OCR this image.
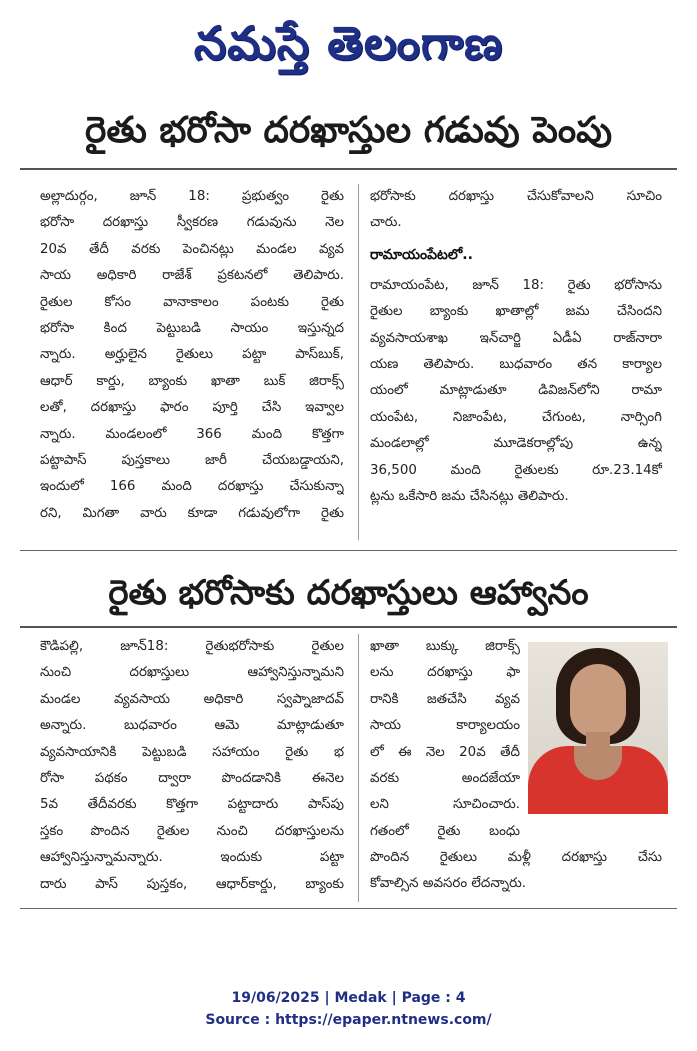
నమస్తే తెలంగాణ
రైతు భరోసా దరఖాస్తుల గడువు పెంపు
అల్లాదుర్గం, జూన్ 18: ప్రభుత్వం రైతు
భరోసా దరఖాస్తు స్వీకరణ గడువును నెల
20వ తేదీ వరకు పెంచినట్లు మండల వ్యవ
సాయ అధికారి రాజేశ్ ప్రకటనలో తెలిపారు.
రైతుల కోసం వానాకాలం పంటకు రైతు
భరోసా కింద పెట్టుబడి సాయం ఇస్తున్నద
న్నారు. అర్హులైన రైతులు పట్టా పాస్‌బుక్,
ఆధార్ కార్డు, బ్యాంకు ఖాతా బుక్ జిరాక్స్
లతో, దరఖాస్తు ఫారం పూర్తి చేసి ఇవ్వాల
న్నారు. మండలంలో 366 మంది కొత్తగా
పట్టాపాస్ పుస్తకాలు జారీ చేయబడ్డాయని,
ఇందులో 166 మంది దరఖాస్తు చేసుకున్నా
రని, మిగతా వారు కూడా గడువులోగా రైతు
భరోసాకు దరఖాస్తు చేసుకోవాలని సూచిం
చారు.
రామాయంపేటలో..
రామాయంపేట, జూన్ 18: రైతు భరోసాను
రైతుల బ్యాంకు ఖాతాల్లో జమ చేసిందని
వ్యవసాయశాఖ ఇన్‌చార్జి ఏడీఏ రాజ్‌నారా
యణ తెలిపారు. బుధవారం తన కార్యాల
యంలో మాట్లాడుతూ డివిజన్‌లోని రామా
యంపేట, నిజాంపేట, చేగుంట, నార్సింగి
మండలాల్లో మూడెకరాల్లోపు ఉన్న
36,500 మంది రైతులకు రూ.23.14కో
ట్లను ఒకేసారి జమ చేసినట్లు తెలిపారు.
రైతు భరోసాకు దరఖాస్తులు ఆహ్వానం
కౌడిపల్లి, జూన్18: రైతుభరోసాకు రైతుల
నుంచి దరఖాస్తులు ఆహ్వానిస్తున్నామని
మండల వ్యవసాయ అధికారి స్వప్నాజాదవ్
అన్నారు. బుధవారం ఆమె మాట్లాడుతూ
వ్యవసాయానికి పెట్టుబడి సహాయం రైతు భ
రోసా పథకం ద్వారా పొందడానికి ఈనెల
5వ తేదీవరకు కొత్తగా పట్టాదారు పాస్‌పు
స్తకం పొందిన రైతుల నుంచి దరఖాస్తులను
ఆహ్వానిస్తున్నామన్నారు. ఇందుకు పట్టా
దారు పాస్ పుస్తకం, ఆధార్‌కార్డు, బ్యాంకు
ఖాతా బుక్కు జిరాక్స్
లను దరఖాస్తు ఫా
రానికి జతచేసి వ్యవ
సాయ కార్యాలయం
లో ఈ నెల 20వ తేదీ
వరకు అందజేయా
లని సూచించారు.
గతంలో రైతు బంధు
పొందిన రైతులు మళ్లీ దరఖాస్తు చేసు
కోవాల్సిన అవసరం లేదన్నారు.
19/06/2025 | Medak | Page : 4
Source : https://epaper.ntnews.com/
